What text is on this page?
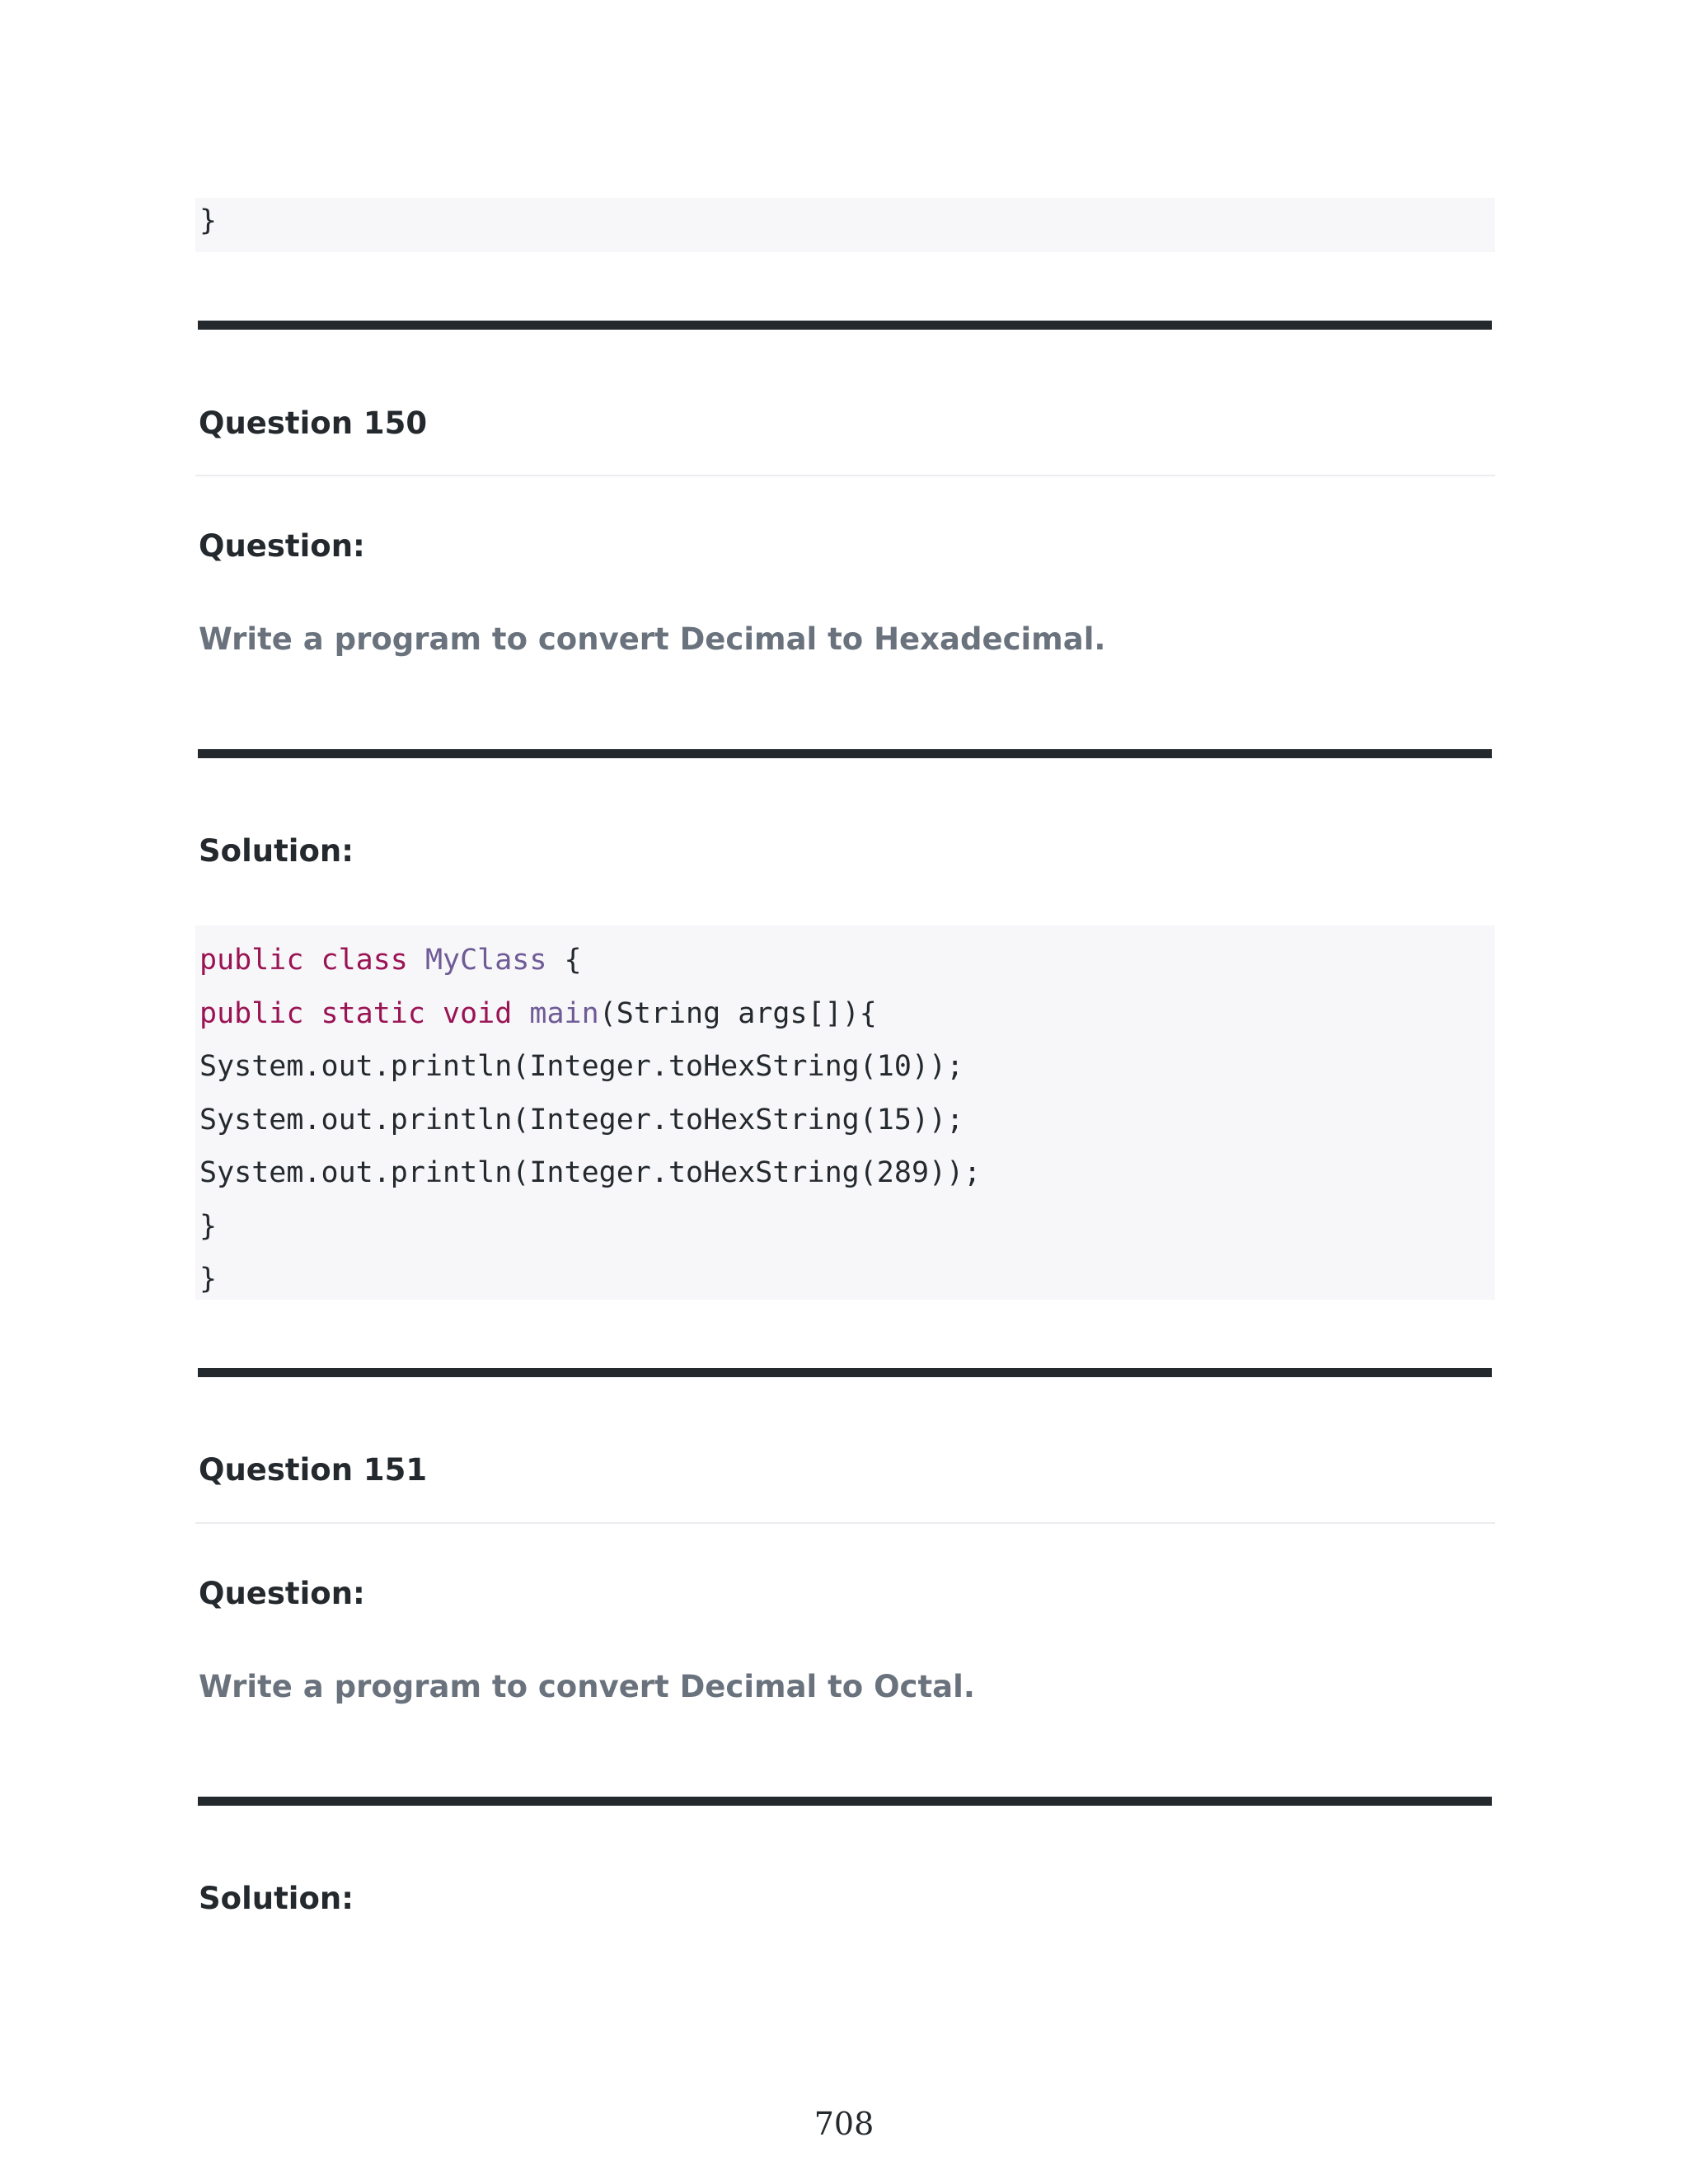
}
Question 150
Question:
Write a program to convert Decimal to Hexadecimal.
Solution:
public class MyClass {
public static void main(String args[]){
System.out.println(Integer.toHexString(10));
System.out.println(Integer.toHexString(15));
System.out.println(Integer.toHexString(289));
}
}
Question 151
Question:
Write a program to convert Decimal to Octal.
Solution:
708
